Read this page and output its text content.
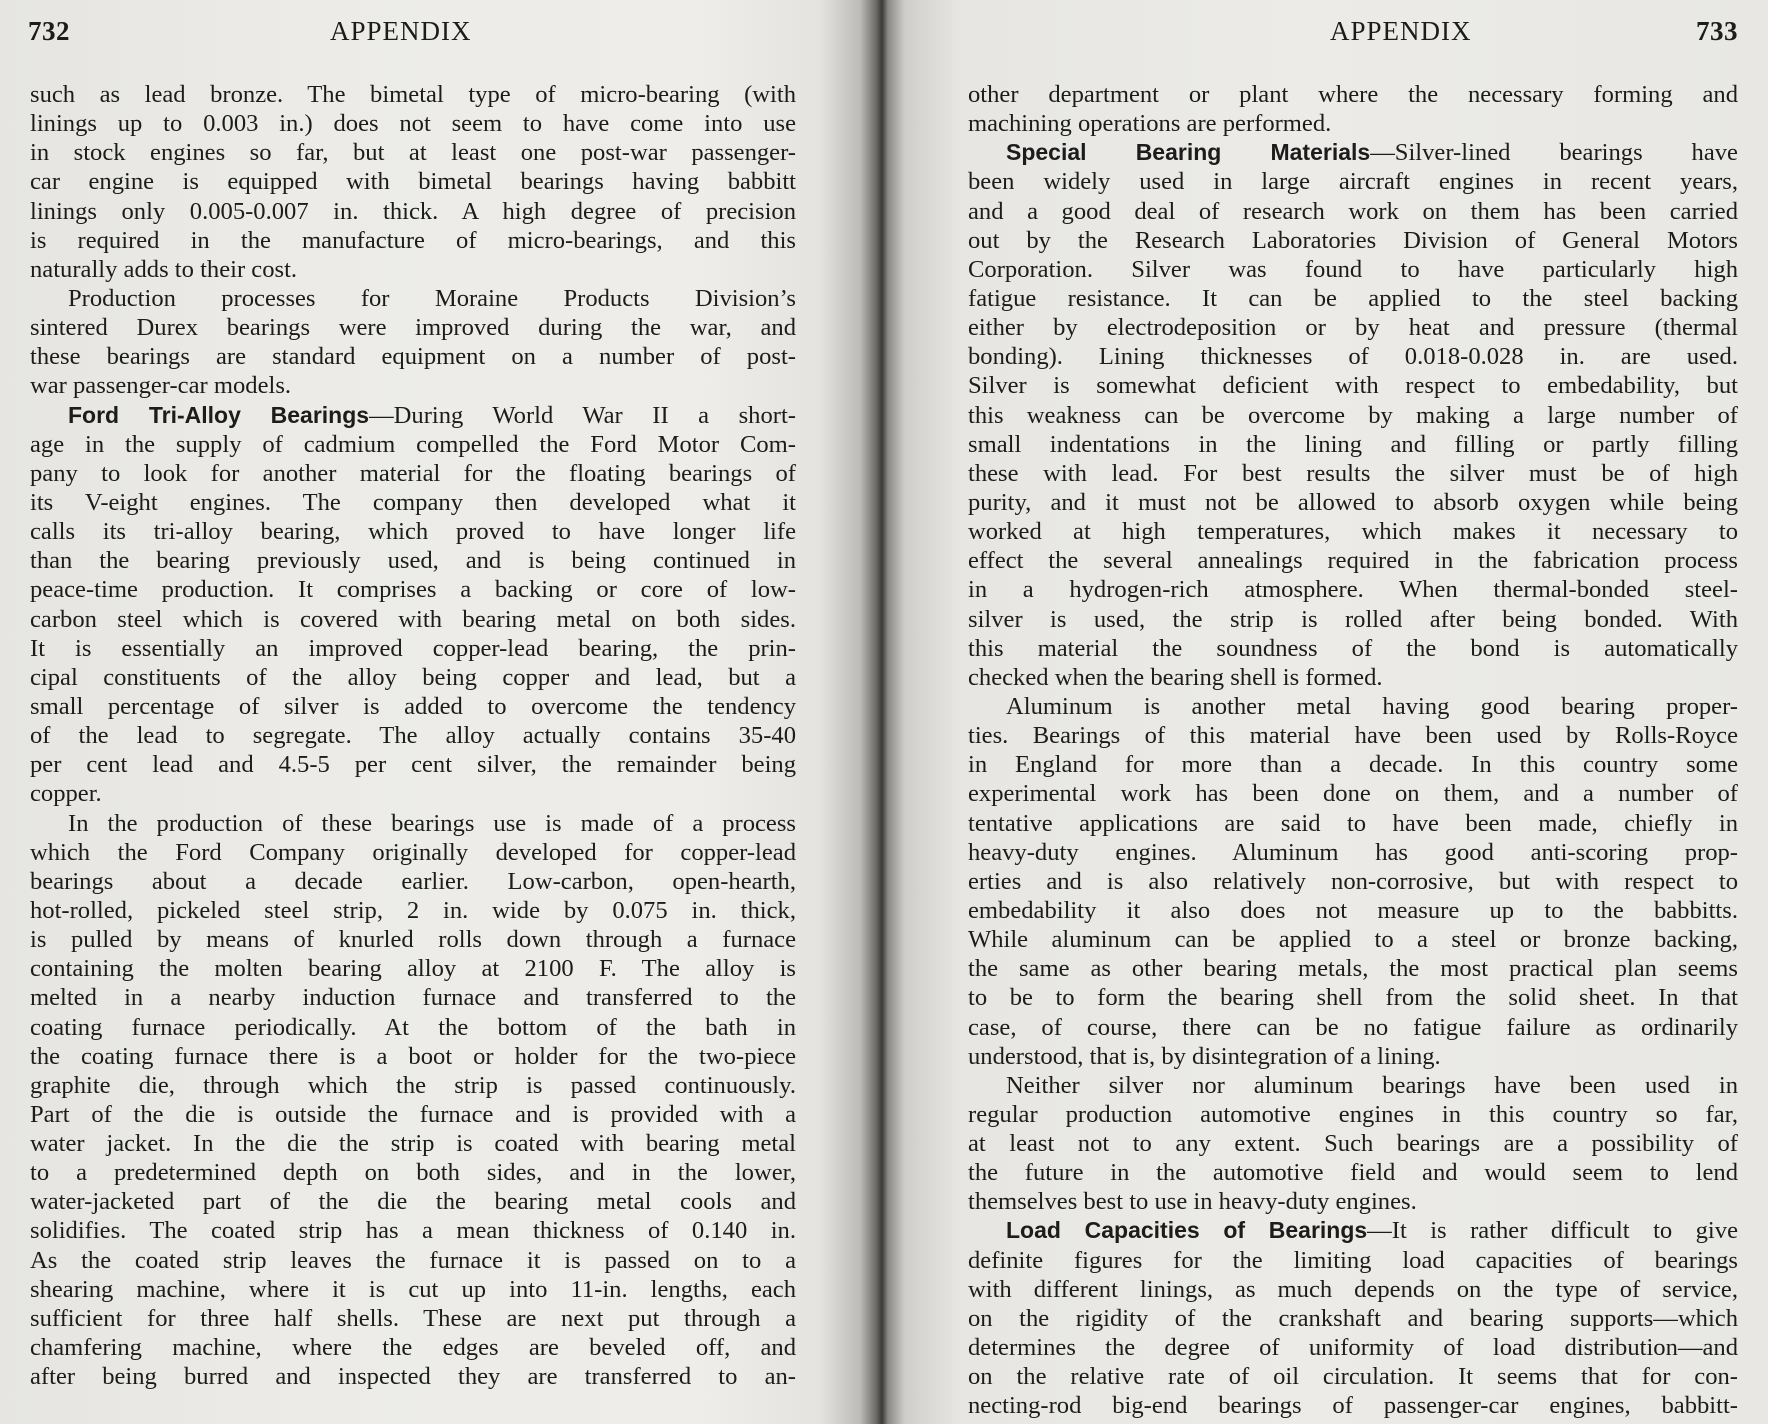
732	APPENDIX
such as lead bronze. The bimetal type of micro-bearing (with
linings up to 0.003 in.) does not seem to have come into use
in stock engines so far, but at least one post-war passenger-
car engine is equipped with bimetal bearings having babbitt
linings only 0.005-0.007 in. thick. A high degree of precision
is required in the manufacture of micro-bearings, and this
naturally adds to their cost.
Production processes for Moraine Products Division’s
sintered Durex bearings were improved during the war, and
these bearings are standard equipment on a number of post-
war passenger-car models.
Ford Tri-Alloy Bearings—During World War II a short-
age in the supply of cadmium compelled the Ford Motor Com-
pany to look for another material for the floating bearings of
its V-eight engines. The company then developed what it
calls its tri-alloy bearing, which proved to have longer life
than the bearing previously used, and is being continued in
peace-time production. It comprises a backing or core of low-
carbon steel which is covered with bearing metal on both sides.
It is essentially an improved copper-lead bearing, the prin-
cipal constituents of the alloy being copper and lead, but a
small percentage of silver is added to overcome the tendency
of the lead to segregate. The alloy actually contains 35-40
per cent lead and 4.5-5 per cent silver, the remainder being
copper.
In the production of these bearings use is made of a process
which the Ford Company originally developed for copper-lead
bearings about a decade earlier. Low-carbon, open-hearth,
hot-rolled, pickeled steel strip, 2 in. wide by 0.075 in. thick,
is pulled by means of knurled rolls down through a furnace
containing the molten bearing alloy at 2100 F. The alloy is
melted in a nearby induction furnace and transferred to the
coating furnace periodically. At the bottom of the bath in
the coating furnace there is a boot or holder for the two-piece
graphite die, through which the strip is passed continuously.
Part of the die is outside the furnace and is provided with a
water jacket. In the die the strip is coated with bearing metal
to a predetermined depth on both sides, and in the lower,
water-jacketed part of the die the bearing metal cools and
solidifies. The coated strip has a mean thickness of 0.140 in.
As the coated strip leaves the furnace it is passed on to a
shearing machine, where it is cut up into 11-in. lengths, each
sufficient for three half shells. These are next put through a
chamfering machine, where the edges are beveled off, and
after being burred and inspected they are transferred to an-
APPENDIX	733
other department or plant where the necessary forming and
machining operations are performed.
Special Bearing Materials—Silver-lined bearings have
been widely used in large aircraft engines in recent years,
and a good deal of research work on them has been carried
out by the Research Laboratories Division of General Motors
Corporation. Silver was found to have particularly high
fatigue resistance. It can be applied to the steel backing
either by electrodeposition or by heat and pressure (thermal
bonding). Lining thicknesses of 0.018-0.028 in. are used.
Silver is somewhat deficient with respect to embedability, but
this weakness can be overcome by making a large number of
small indentations in the lining and filling or partly filling
these with lead. For best results the silver must be of high
purity, and it must not be allowed to absorb oxygen while being
worked at high temperatures, which makes it necessary to
effect the several annealings required in the fabrication process
in a hydrogen-rich atmosphere. When thermal-bonded steel-
silver is used, the strip is rolled after being bonded. With
this material the soundness of the bond is automatically
checked when the bearing shell is formed.
Aluminum is another metal having good bearing proper-
ties. Bearings of this material have been used by Rolls-Royce
in England for more than a decade. In this country some
experimental work has been done on them, and a number of
tentative applications are said to have been made, chiefly in
heavy-duty engines. Aluminum has good anti-scoring prop-
erties and is also relatively non-corrosive, but with respect to
embedability it also does not measure up to the babbitts.
While aluminum can be applied to a steel or bronze backing,
the same as other bearing metals, the most practical plan seems
to be to form the bearing shell from the solid sheet. In that
case, of course, there can be no fatigue failure as ordinarily
understood, that is, by disintegration of a lining.
Neither silver nor aluminum bearings have been used in
regular production automotive engines in this country so far,
at least not to any extent. Such bearings are a possibility of
the future in the automotive field and would seem to lend
themselves best to use in heavy-duty engines.
Load Capacities of Bearings—It is rather difficult to give
definite figures for the limiting load capacities of bearings
with different linings, as much depends on the type of service,
on the rigidity of the crankshaft and bearing supports—which
determines the degree of uniformity of load distribution—and
on the relative rate of oil circulation. It seems that for con-
necting-rod big-end bearings of passenger-car engines, babbitt-
